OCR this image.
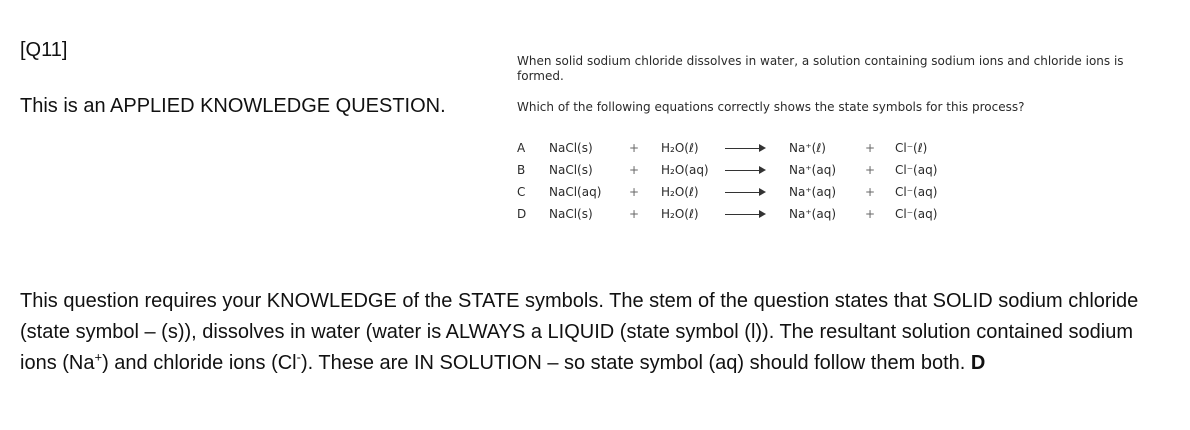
[Q11]
This is an APPLIED KNOWLEDGE QUESTION.

When solid sodium chloride dissolves in water, a solution containing sodium ions and chloride ions is formed.

Which of the following equations correctly shows the state symbols for this process?

A NaCl(s)	+ H₂O(ℓ)	Na⁺(ℓ)	+ Cl⁻(ℓ)
B NaCl(s)	+ H₂O(aq)	Na⁺(aq) + Cl⁻(aq)
C NaCl(aq) + H₂O(ℓ)	Na⁺(aq) + Cl⁻(aq)
D NaCl(s)	+ H₂O(ℓ)	Na⁺(aq) + Cl⁻(aq)
This question requires your KNOWLEDGE of the STATE symbols. The stem of the question states that SOLID sodium chloride (state symbol – (s)), dissolves in water (water is ALWAYS a LIQUID (state symbol (l)). The resultant solution contained sodium ions (Na+) and chloride ions (Cl-). These are IN SOLUTION – so state symbol (aq) should follow them both. D
